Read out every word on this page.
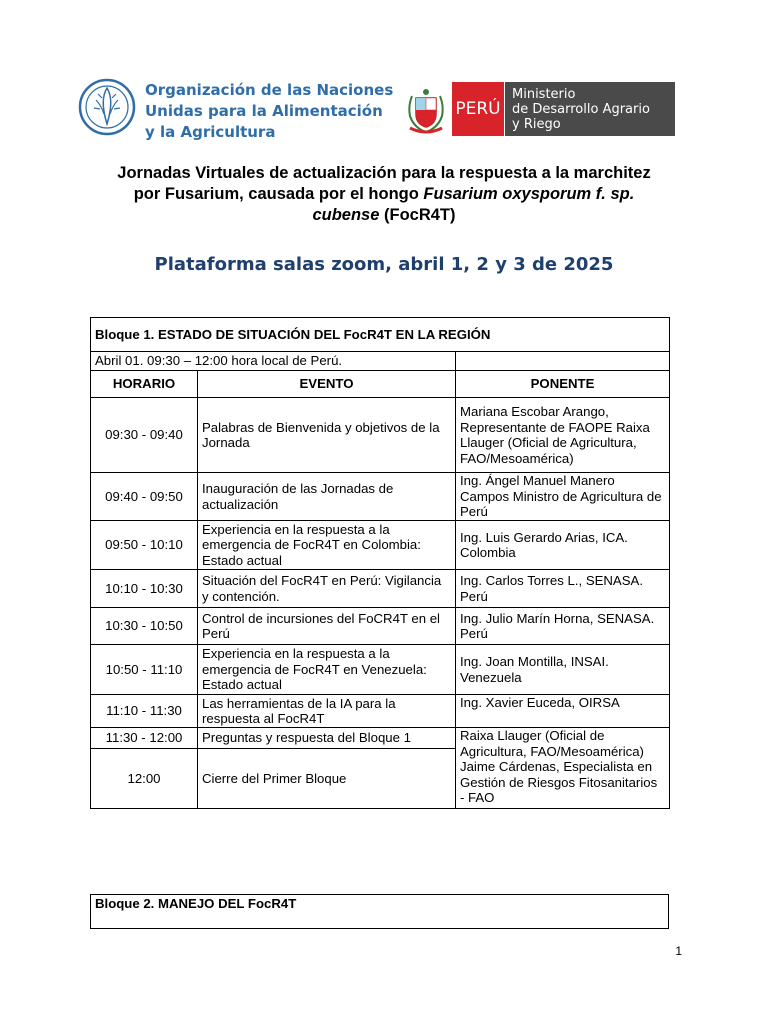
Organización de las Naciones
Unidas para la Alimentación
y la Agricultura
PERÚ
Ministerio
de Desarrollo Agrario
y Riego
Jornadas Virtuales de actualización para la respuesta a la marchitez
por Fusarium, causada por el hongo Fusarium oxysporum f. sp.
cubense (FocR4T)
Plataforma salas zoom, abril 1, 2 y 3 de 2025
Bloque 1. ESTADO DE SITUACIÓN DEL FocR4T EN LA REGIÓN		
Abril 01. 09:30 – 12:00 hora local de Perú.		
HORARIO	EVENTO	PONENTE
09:30 - 09:40	Palabras de Bienvenida y objetivos de la Jornada	Mariana Escobar Arango, Representante de FAOPE Raixa Llauger (Oficial de Agricultura, FAO/Mesoamérica)
09:40 - 09:50	Inauguración de las Jornadas de actualización	Ing. Ángel Manuel Manero Campos Ministro de Agricultura de Perú
09:50 - 10:10	Experiencia en la respuesta a la emergencia de FocR4T en Colombia: Estado actual	Ing. Luis Gerardo Arias, ICA. Colombia
10:10 - 10:30	Situación del FocR4T en Perú: Vigilancia y contención.	Ing. Carlos Torres L., SENASA. Perú
10:30 - 10:50	Control de incursiones del FoCR4T en el Perú	Ing. Julio Marín Horna, SENASA. Perú
10:50 - 11:10	Experiencia en la respuesta a la emergencia de FocR4T en Venezuela: Estado actual	Ing. Joan Montilla, INSAI. Venezuela
11:10 - 11:30	Las herramientas de la IA para la respuesta al FocR4T	Ing. Xavier Euceda, OIRSA
11:30 - 12:00	Preguntas y respuesta del Bloque 1	Raixa Llauger (Oficial de Agricultura, FAO/Mesoamérica) Jaime Cárdenas, Especialista en Gestión de Riesgos Fitosanitarios - FAO
12:00	Cierre del Primer Bloque	
Bloque 2. MANEJO DEL FocR4T
1
